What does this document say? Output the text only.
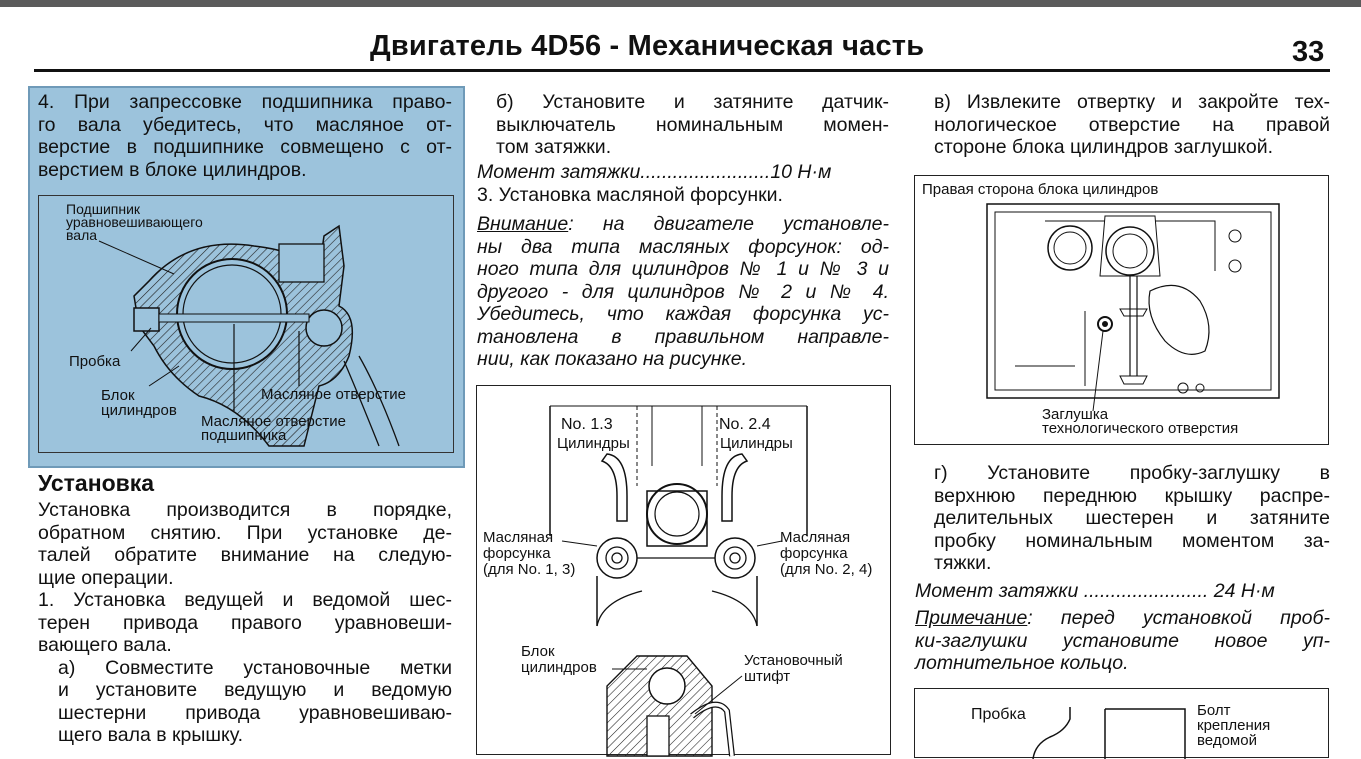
Двигатель 4D56 - Механическая часть	33
4. При запрессовке подшипника право-
го вала убедитесь, что масляное от-
верстие в подшипнике совмещено с от-
верстием в блоке цилиндров.
Подшипник
уравновешивающего
вала
Пробка
Блок
цилиндров
Масляное отверстие
Масляное отверстие
подшипника
Установка
Установка производится в порядке,
обратном снятию. При установке де-
талей обратите внимание на следую-
щие операции.
1. Установка ведущей и ведомой шес-
терен привода правого уравновеши-
вающего вала.
а) Совместите установочные метки
и установите ведущую и ведомую
шестерни привода уравновешиваю-
щего вала в крышку.
б) Установите и затяните датчик-
выключатель номинальным момен-
том затяжки.
Момент затяжки........................10 Н·м
3. Установка масляной форсунки.
Внимание: на двигателе установле-
ны два типа масляных форсунок: од-
ного типа для цилиндров № 1 и № 3 и
другого - для цилиндров № 2 и № 4.
Убедитесь, что каждая форсунка ус-
тановлена в правильном направле-
нии, как показано на рисунке.
No. 1.3
Цилиндры
No. 2.4
Цилиндры
Масляная
форсунка
(для No. 1, 3)
Масляная
форсунка
(для No. 2, 4)
Блок
цилиндров	Установочный
штифт
в) Извлеките отвертку и закройте тех-
нологическое отверстие на правой
стороне блока цилиндров заглушкой.
Правая сторона блока цилиндров
Заглушка
технологического отверстия
г) Установите пробку-заглушку в
верхнюю переднюю крышку распре-
делительных шестерен и затяните
пробку номинальным моментом за-
тяжки.
Момент затяжки ....................... 24 Н·м
Примечание: перед установкой проб-
ки-заглушки установите новое уп-
лотнительное кольцо.
Пробка	Болт
крепления
ведомой
